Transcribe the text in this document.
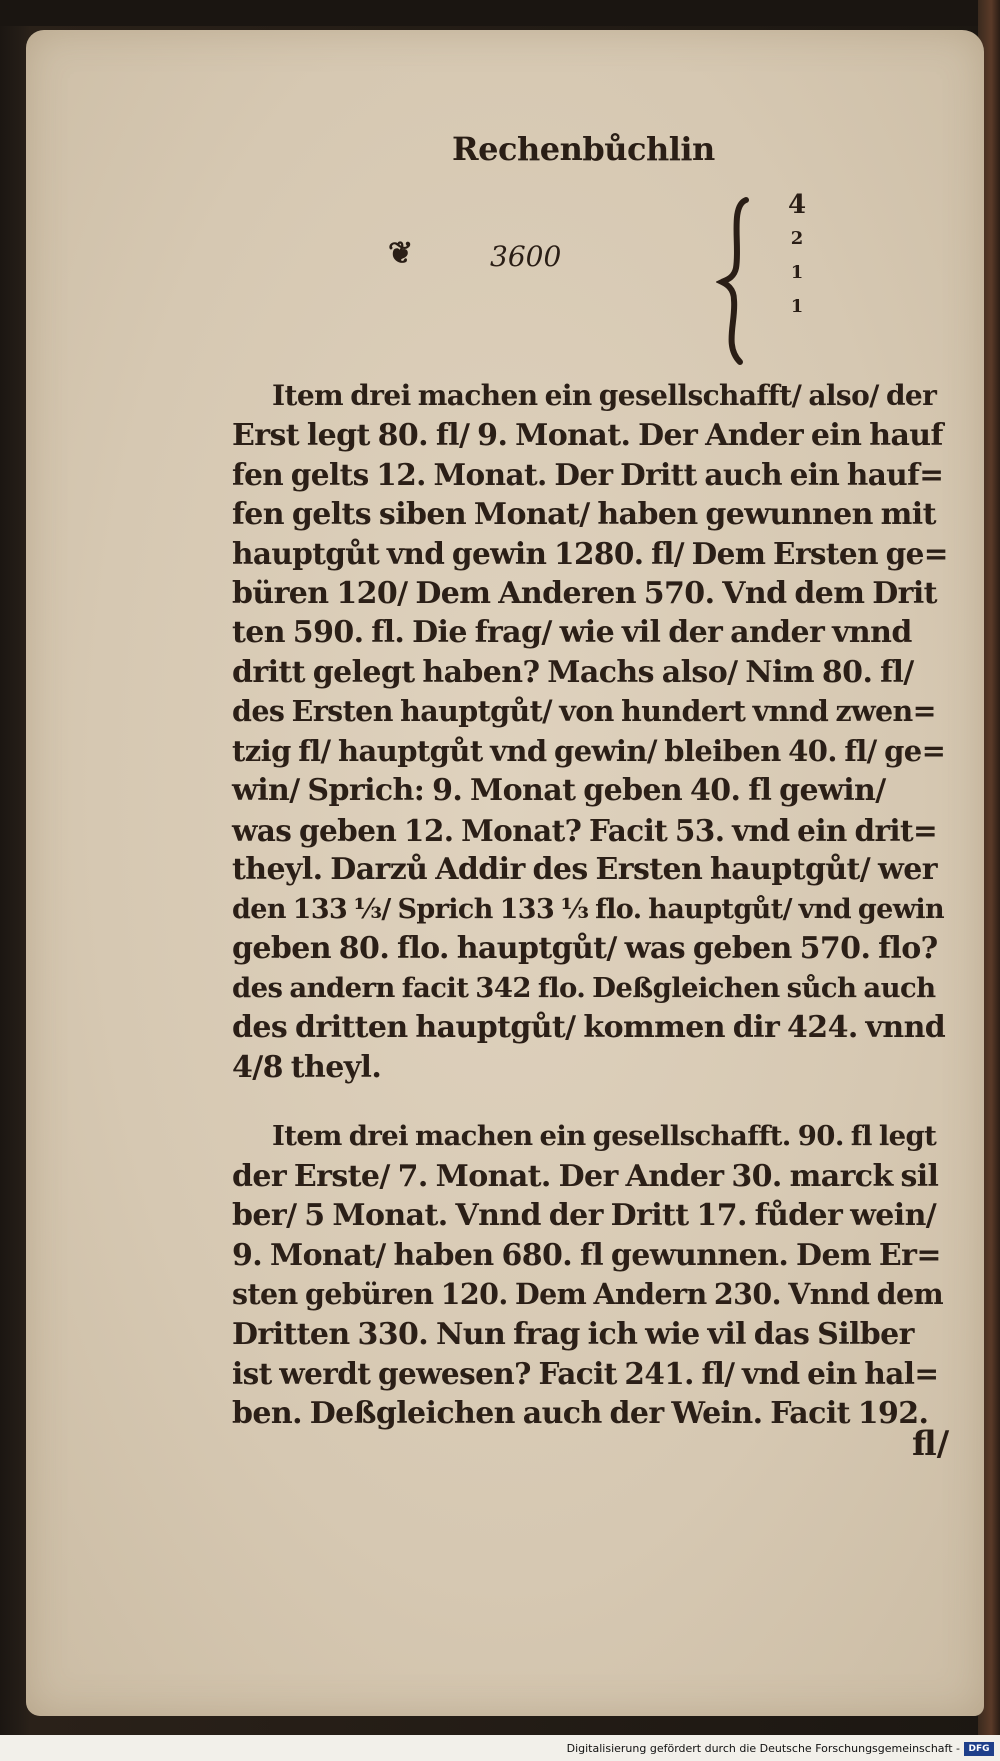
Rechenbůchlin
❦	3600
4
2
1
1
Item drei machen ein gesellschafft/ also/ der
Erst legt 80. fl/ 9. Monat. Der Ander ein hauf
fen gelts 12. Monat. Der Dritt auch ein hauf=
fen gelts siben Monat/ haben gewunnen mit
hauptgůt vnd gewin 1280. fl/ Dem Ersten ge=
büren 120/ Dem Anderen 570. Vnd dem Drit
ten 590. fl. Die frag/ wie vil der ander vnnd
dritt gelegt haben? Machs also/ Nim 80. fl/
des Ersten hauptgůt/ von hundert vnnd zwen=
tzig fl/ hauptgůt vnd gewin/ bleiben 40. fl/ ge=
win/ Sprich: 9. Monat geben 40. fl gewin/
was geben 12. Monat? Facit 53. vnd ein drit=
theyl. Darzů Addir des Ersten hauptgůt/ wer
den 133 ⅓/ Sprich 133 ⅓ flo. hauptgůt/ vnd gewin
geben 80. flo. hauptgůt/ was geben 570. flo?
des andern facit 342 flo. Deßgleichen sůch auch
des dritten hauptgůt/ kommen dir 424. vnnd
4/8 theyl.
Item drei machen ein gesellschafft. 90. fl legt
der Erste/ 7. Monat. Der Ander 30. marck sil
ber/ 5 Monat. Vnnd der Dritt 17. fůder wein/
9. Monat/ haben 680. fl gewunnen. Dem Er=
sten gebüren 120. Dem Andern 230. Vnnd dem
Dritten 330. Nun frag ich wie vil das Silber
ist werdt gewesen? Facit 241. fl/ vnd ein hal=
ben. Deßgleichen auch der Wein. Facit 192.
fl/
Digitalisierung gefördert durch die Deutsche Forschungsgemeinschaft - DFG
